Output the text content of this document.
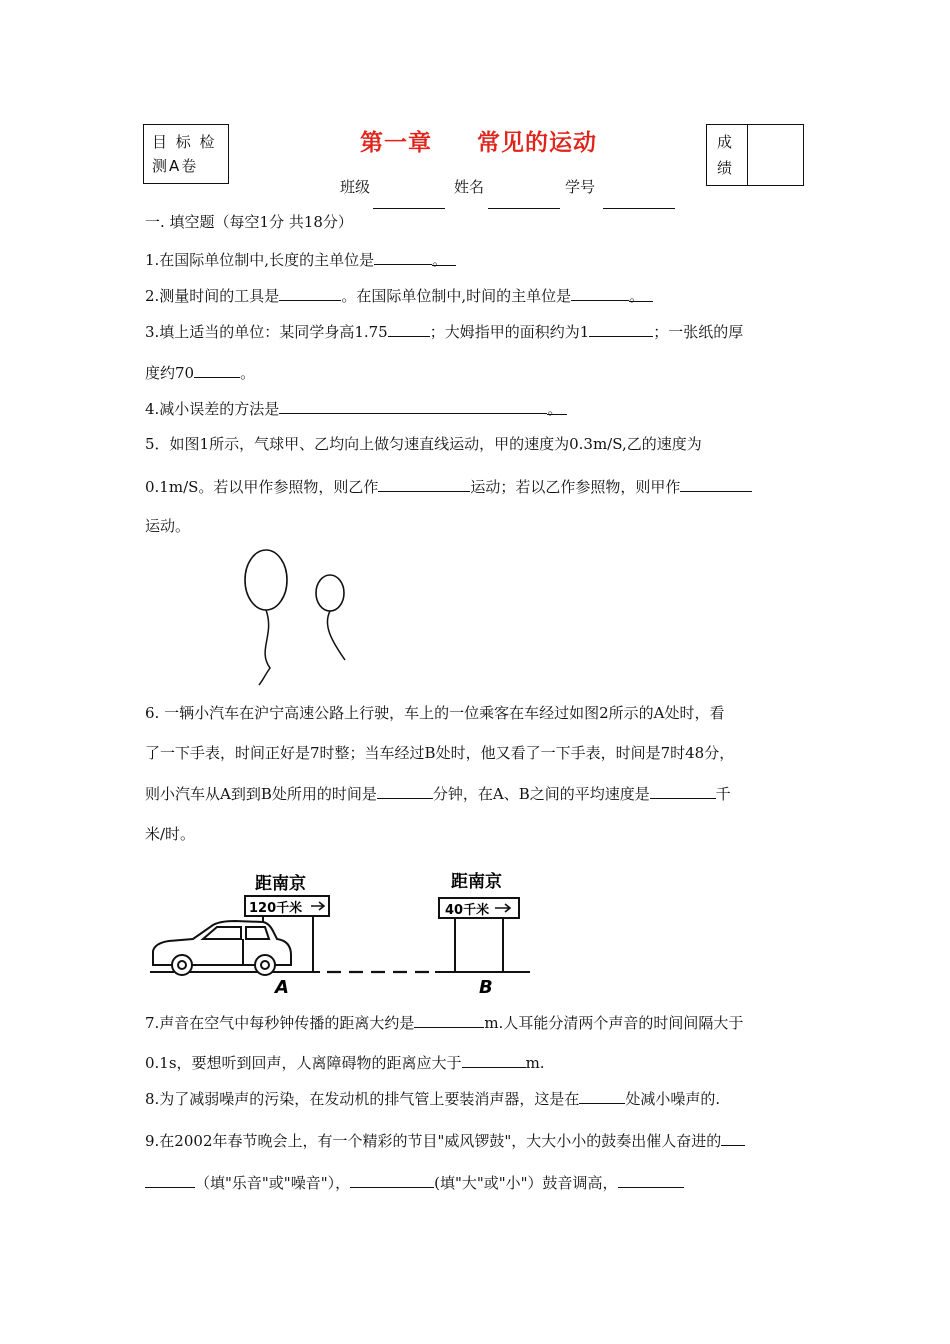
目 标 检 测A卷
第一章     常见的运动	成 绩
班级	姓名	学号
一. 填空题（每空1分 共18分）
1.在国际单位制中,长度的主单位是	。
2.测量时间的工具是	。在国际单位制中,时间的主单位是	。
3.填上适当的单位：某同学身高1.75	；大姆指甲的面积约为1	；一张纸的厚
度约70	。
4.减小误差的方法是	。
5．如图1所示，气球甲、乙均向上做匀速直线运动，甲的速度为0.3m/S,乙的速度为
0.1m/S。若以甲作参照物，则乙作	运动；若以乙作参照物，则甲作
运动。
6. 一辆小汽车在沪宁高速公路上行驶，车上的一位乘客在车经过如图2所示的A处时，看
了一下手表，时间正好是7时整；当车经过B处时，他又看了一下手表，时间是7时48分，
则小汽车从A到到B处所用的时间是	分钟，在A、B之间的平均速度是	千
米/时。
距南京
120千米
A
距南京
40千米
B
7.声音在空气中每秒钟传播的距离大约是	m.人耳能分清两个声音的时间间隔大于
0.1s，要想听到回声，人离障碍物的距离应大于	m.
8.为了减弱噪声的污染，在发动机的排气管上要装消声器，这是在	处减小噪声的.
9.在2002年春节晚会上，有一个精彩的节目"威风锣鼓"，大大小小的鼓奏出催人奋进的
（填"乐音"或"噪音"），	(填"大"或"小"）鼓音调高，
